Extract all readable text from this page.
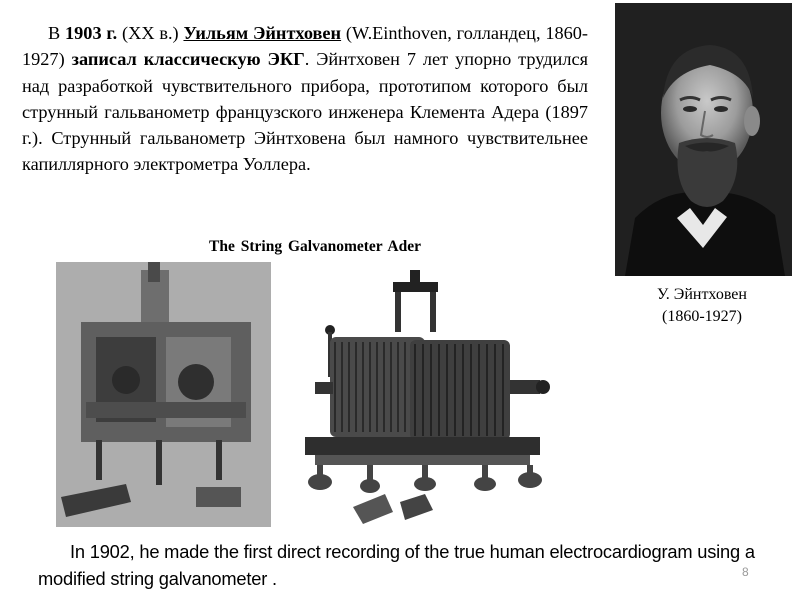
В 1903 г. (XX в.) Уильям Эйнтховен (W.Einthoven, голландец, 1860-1927) записал классическую ЭКГ. Эйнтховен 7 лет упорно трудился над разработкой чувствительного прибора, прототипом которого был струнный гальванометр французского инженера Клемента Адера (1897 г.). Струнный гальванометр Эйнтховена был намного чувствительнее капиллярного электрометра Уоллера.

The String Galvanometer Ader
У. Эйнтховен
(1860-1927)

In 1902, he made the first direct recording of the true human electrocardiogram using a modified string galvanometer .	8
